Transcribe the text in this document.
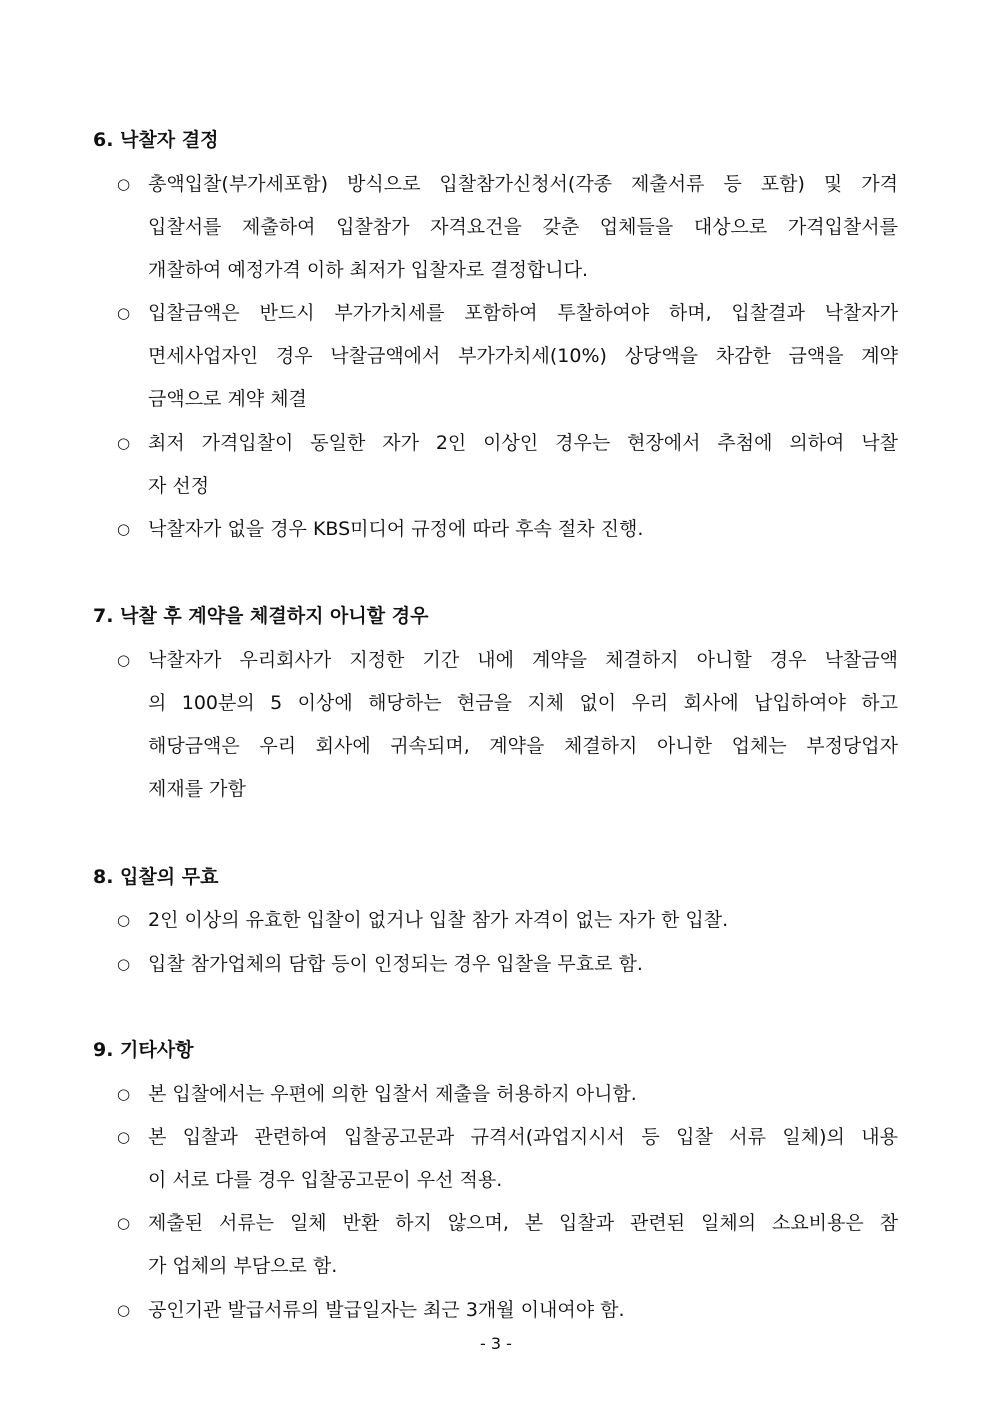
6. 낙찰자 결정
○ 총액입찰(부가세포함) 방식으로 입찰참가신청서(각종 제출서류 등 포함) 및 가격
입찰서를 제출하여 입찰참가 자격요건을 갖춘 업체들을 대상으로 가격입찰서를
개찰하여 예정가격 이하 최저가 입찰자로 결정합니다.
○ 입찰금액은 반드시 부가가치세를 포함하여 투찰하여야 하며, 입찰결과 낙찰자가
면세사업자인 경우 낙찰금액에서 부가가치세(10%) 상당액을 차감한 금액을 계약
금액으로 계약 체결
○ 최저 가격입찰이 동일한 자가 2인 이상인 경우는 현장에서 추첨에 의하여 낙찰
자 선정
○ 낙찰자가 없을 경우 KBS미디어 규정에 따라 후속 절차 진행.
7. 낙찰 후 계약을 체결하지 아니할 경우
○ 낙찰자가 우리회사가 지정한 기간 내에 계약을 체결하지 아니할 경우 낙찰금액
의 100분의 5 이상에 해당하는 현금을 지체 없이 우리 회사에 납입하여야 하고
해당금액은 우리 회사에 귀속되며, 계약을 체결하지 아니한 업체는 부정당업자
제재를 가함
8. 입찰의 무효
○ 2인 이상의 유효한 입찰이 없거나 입찰 참가 자격이 없는 자가 한 입찰.
○ 입찰 참가업체의 담합 등이 인정되는 경우 입찰을 무효로 함.
9. 기타사항
○ 본 입찰에서는 우편에 의한 입찰서 제출을 허용하지 아니함.
○ 본 입찰과 관련하여 입찰공고문과 규격서(과업지시서 등 입찰 서류 일체)의 내용
이 서로 다를 경우 입찰공고문이 우선 적용.
○ 제출된 서류는 일체 반환 하지 않으며, 본 입찰과 관련된 일체의 소요비용은 참
가 업체의 부담으로 함.
○ 공인기관 발급서류의 발급일자는 최근 3개월 이내여야 함.
- 3 -
